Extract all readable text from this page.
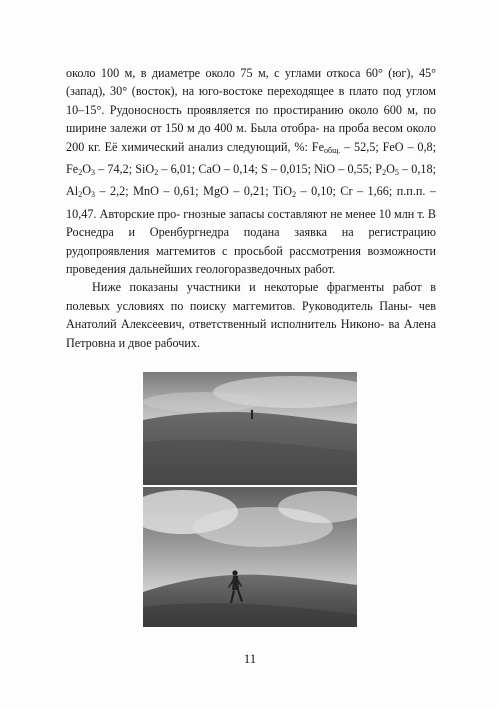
около 100 м, в диаметре около 75 м, с углами откоса 60° (юг), 45° (запад), 30° (восток), на юго-востоке переходящее в плато под углом 10–15°. Рудоносность проявляется по простиранию около 600 м, по ширине залежи от 150 м до 400 м. Была отобра- на проба весом около 200 кг. Её химический анализ следующий, %: $Fe_{общ.} - 52,5$; FeO – 0,8; $Fe_2O_3 - 74,2$; SiO$_2$ – 6,01; CaO – 0,14; S – 0,015; NiO – 0,55; $P_2O_5 - 0,18$; $Al_2O_3 - 2,2$; MnO – 0,61; MgO – 0,21; TiO$_2$ – 0,10; Cr – 1,66; п.п.п. – 10,47. Авторские про- гнозные запасы составляют не менее 10 млн т. В Роснедра и Оренбургнедра подана заявка на регистрацию рудопроявления маггемитов с просьбой рассмотрения возможности проведения дальнейших геологоразведочных работ.

Ниже показаны участники и некоторые фрагменты работ в полевых условиях по поиску маггемитов. Руководитель Паны- чев Анатолий Алексеевич, ответственный исполнитель Никоно- ва Алена Петровна и двое рабочих.

11
